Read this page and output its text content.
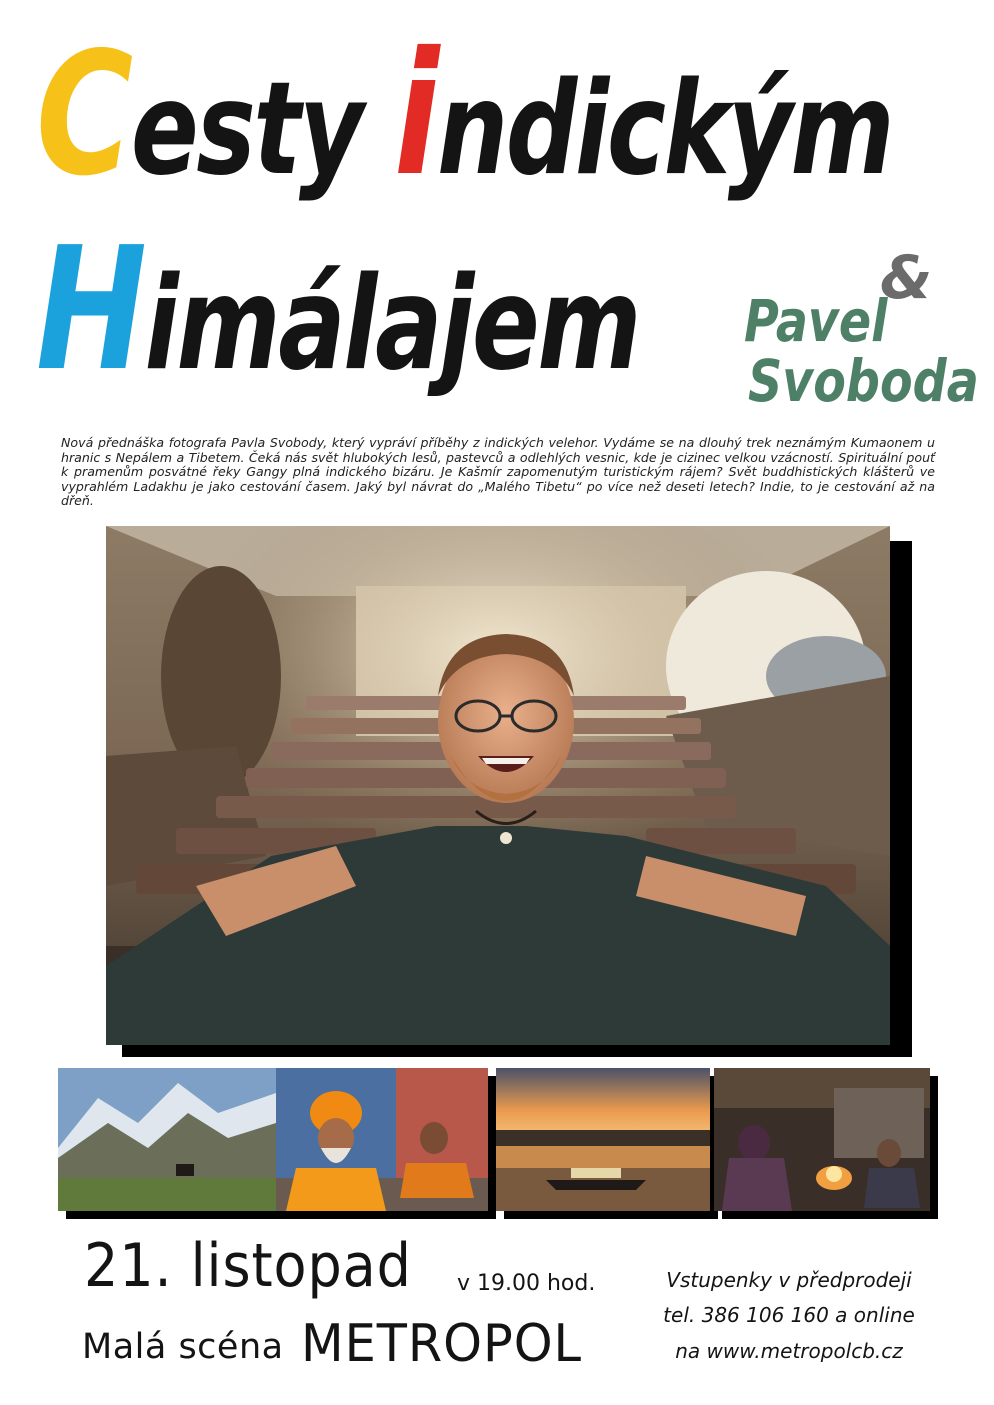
Cesty indickým
Himálajem	&
Pavel
Svoboda
Nová přednáška fotografa Pavla Svobody, který vypráví příběhy z indických velehor. Vydáme se na dlouhý trek neznámým Kumaonem u hranic s Nepálem a Tibetem. Čeká nás svět hlubokých lesů, pastevců a odlehlých vesnic, kde je cizinec velkou vzácností. Spirituální pouť k pramenům posvátné řeky Gangy plná indického bizáru. Je Kašmír zapomenutým turistickým rájem? Svět buddhistických klášterů ve vyprahlém Ladakhu je jako cestování časem. Jaký byl návrat do „Malého Tibetu“ po více než deseti letech? Indie, to je cestování až na dřeň.
21. listopad v 19.00 hod.
Malá scéna METROPOL
Vstupenky v předprodeji
tel. 386 106 160 a online
na www.metropolcb.cz
